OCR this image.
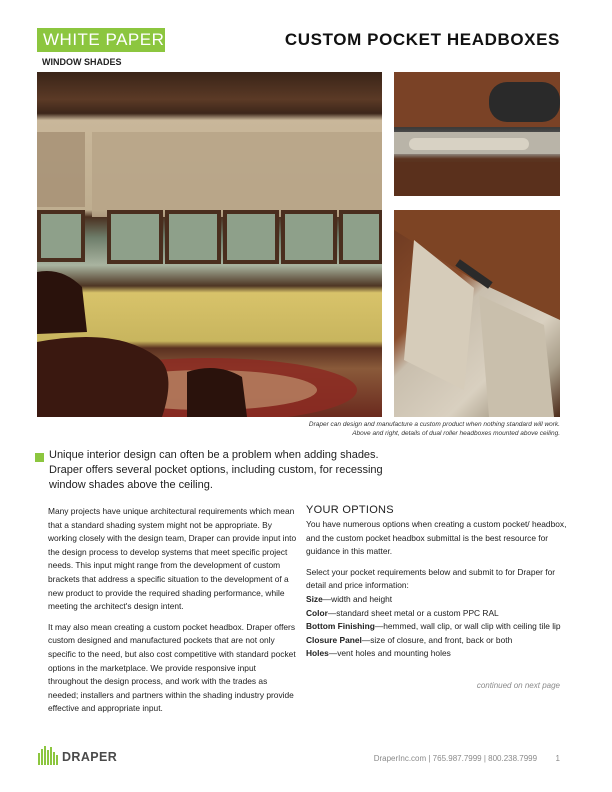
WHITE PAPER	CUSTOM POCKET HEADBOXES
WINDOW SHADES
Draper can design and manufacture a custom product when nothing standard will work.
Above and right, details of dual roller headboxes mounted above ceiling.
Unique interior design can often be a problem when adding shades. Draper offers several pocket options, including custom, for recessing window shades above the ceiling.

Many projects have unique architectural requirements which mean that a standard shading system might not be appropriate. By working closely with the design team, Draper can provide input into the design process to develop systems that meet specific project needs. This input might range from the development of custom brackets that address a specific situation to the development of a new product to provide the required shading performance, while meeting the architect's design intent.

It may also mean creating a custom pocket headbox. Draper offers custom designed and manufactured pockets that are not only specific to the need, but also cost competitive with standard pocket options in the marketplace. We provide responsive input throughout the design process, and work with the trades as needed; installers and partners within the shading industry provide effective and appropriate input.

YOUR OPTIONS

You have numerous options when creating a custom pocket/ headbox, and the custom pocket headbox submittal is the best resource for guidance in this matter.

Select your pocket requirements below and submit to for Draper for detail and price information:

Size—width and height

Color—standard sheet metal or a custom PPC RAL

Bottom Finishing—hemmed, wall clip, or wall clip with ceiling tile lip

Closure Panel—size of closure, and front, back or both

Holes—vent holes and mounting holes

continued on next page
DRAPER	DraperInc.com | 765.987.7999 | 800.238.7999 1
